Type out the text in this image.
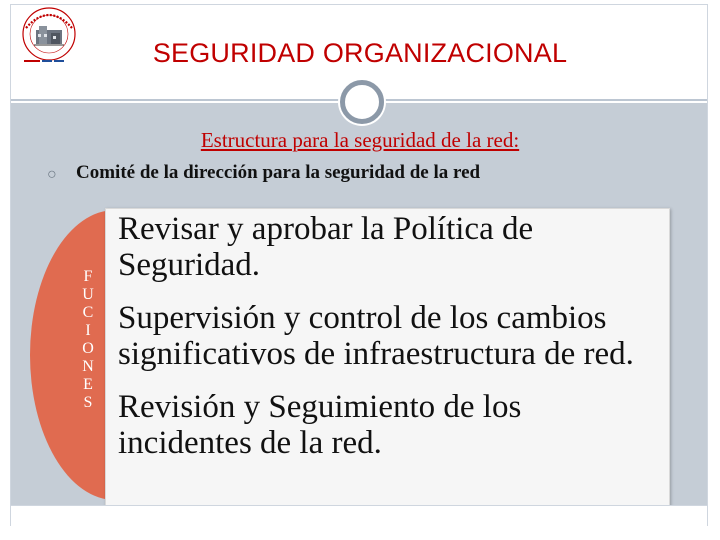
SEGURIDAD ORGANIZACIONAL
Estructura para la seguridad de la red:
○ Comité de la dirección para la seguridad de la red
F
U
C
I
O
N
E
S
Revisar y aprobar la Política de Seguridad.
Supervisión y control de los cambios significativos de infraestructura de red.
Revisión y Seguimiento de los incidentes de la red.
